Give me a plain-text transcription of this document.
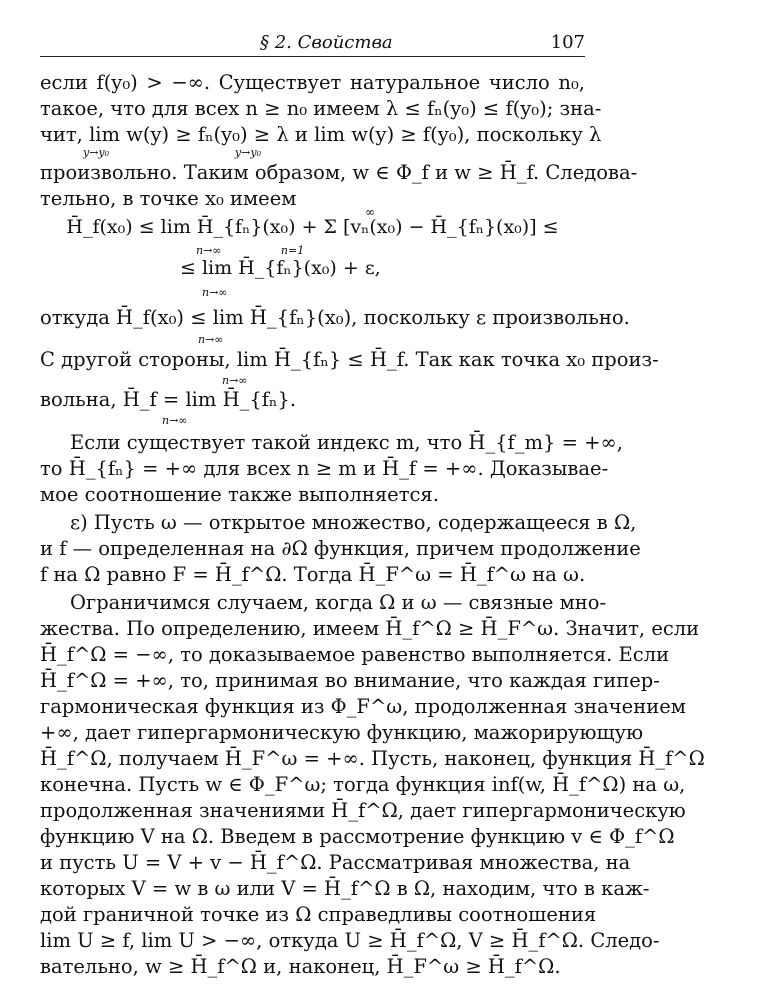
§ 2. Свойства	107
если f(y₀) > −∞. Существует натуральное число n₀,
такое, что для всех n ≥ n₀ имеем λ ≤ fₙ(y₀) ≤ f(y₀); зна-
чит, lim w(y) ≥ fₙ(y₀) ≥ λ и lim w(y) ≥ f(y₀), поскольку λ
y→y₀                                    y→y₀
произвольно. Таким образом, w ∈ Φ_f и w ≥ H̄_f. Следова-
тельно, в точке x₀ имеем
∞
H̄_f(x₀) ≤ lim H̄_{fₙ}(x₀) + Σ [vₙ(x₀) − H̄_{fₙ}(x₀)] ≤
n→∞                 n=1
≤ lim H̄_{fₙ}(x₀) + ε,
n→∞
откуда H̄_f(x₀) ≤ lim H̄_{fₙ}(x₀), поскольку ε произвольно.
n→∞
С другой стороны, lim H̄_{fₙ} ≤ H̄_f. Так как точка x₀ произ-
n→∞
вольна, H̄_f = lim H̄_{fₙ}.
n→∞
Если существует такой индекс m, что H̄_{f_m} = +∞,
то H̄_{fₙ} = +∞ для всех n ≥ m и H̄_f = +∞. Доказывае-
мое соотношение также выполняется.
ε) Пусть ω — открытое множество, содержащееся в Ω,
и f — определенная на ∂Ω функция, причем продолжение
f на Ω равно F = H̄_f^Ω. Тогда H̄_F^ω = H̄_f^ω на ω.
Ограничимся случаем, когда Ω и ω — связные мно-
жества. По определению, имеем H̄_f^Ω ≥ H̄_F^ω. Значит, если
H̄_f^Ω = −∞, то доказываемое равенство выполняется. Если
H̄_f^Ω = +∞, то, принимая во внимание, что каждая гипер-
гармоническая функция из Φ_F^ω, продолженная значением
+∞, дает гипергармоническую функцию, мажорирующую
H̄_f^Ω, получаем H̄_F^ω = +∞. Пусть, наконец, функция H̄_f^Ω
конечна. Пусть w ∈ Φ_F^ω; тогда функция inf(w, H̄_f^Ω) на ω,
продолженная значениями H̄_f^Ω, дает гипергармоническую
функцию V на Ω. Введем в рассмотрение функцию v ∈ Φ_f^Ω
и пусть U = V + v − H̄_f^Ω. Рассматривая множества, на
которых V = w в ω или V = H̄_f^Ω в Ω, находим, что в каж-
дой граничной точке из Ω справедливы соотношения
lim U ≥ f, lim U > −∞, откуда U ≥ H̄_f^Ω, V ≥ H̄_f^Ω. Следо-
вательно, w ≥ H̄_f^Ω и, наконец, H̄_F^ω ≥ H̄_f^Ω.
